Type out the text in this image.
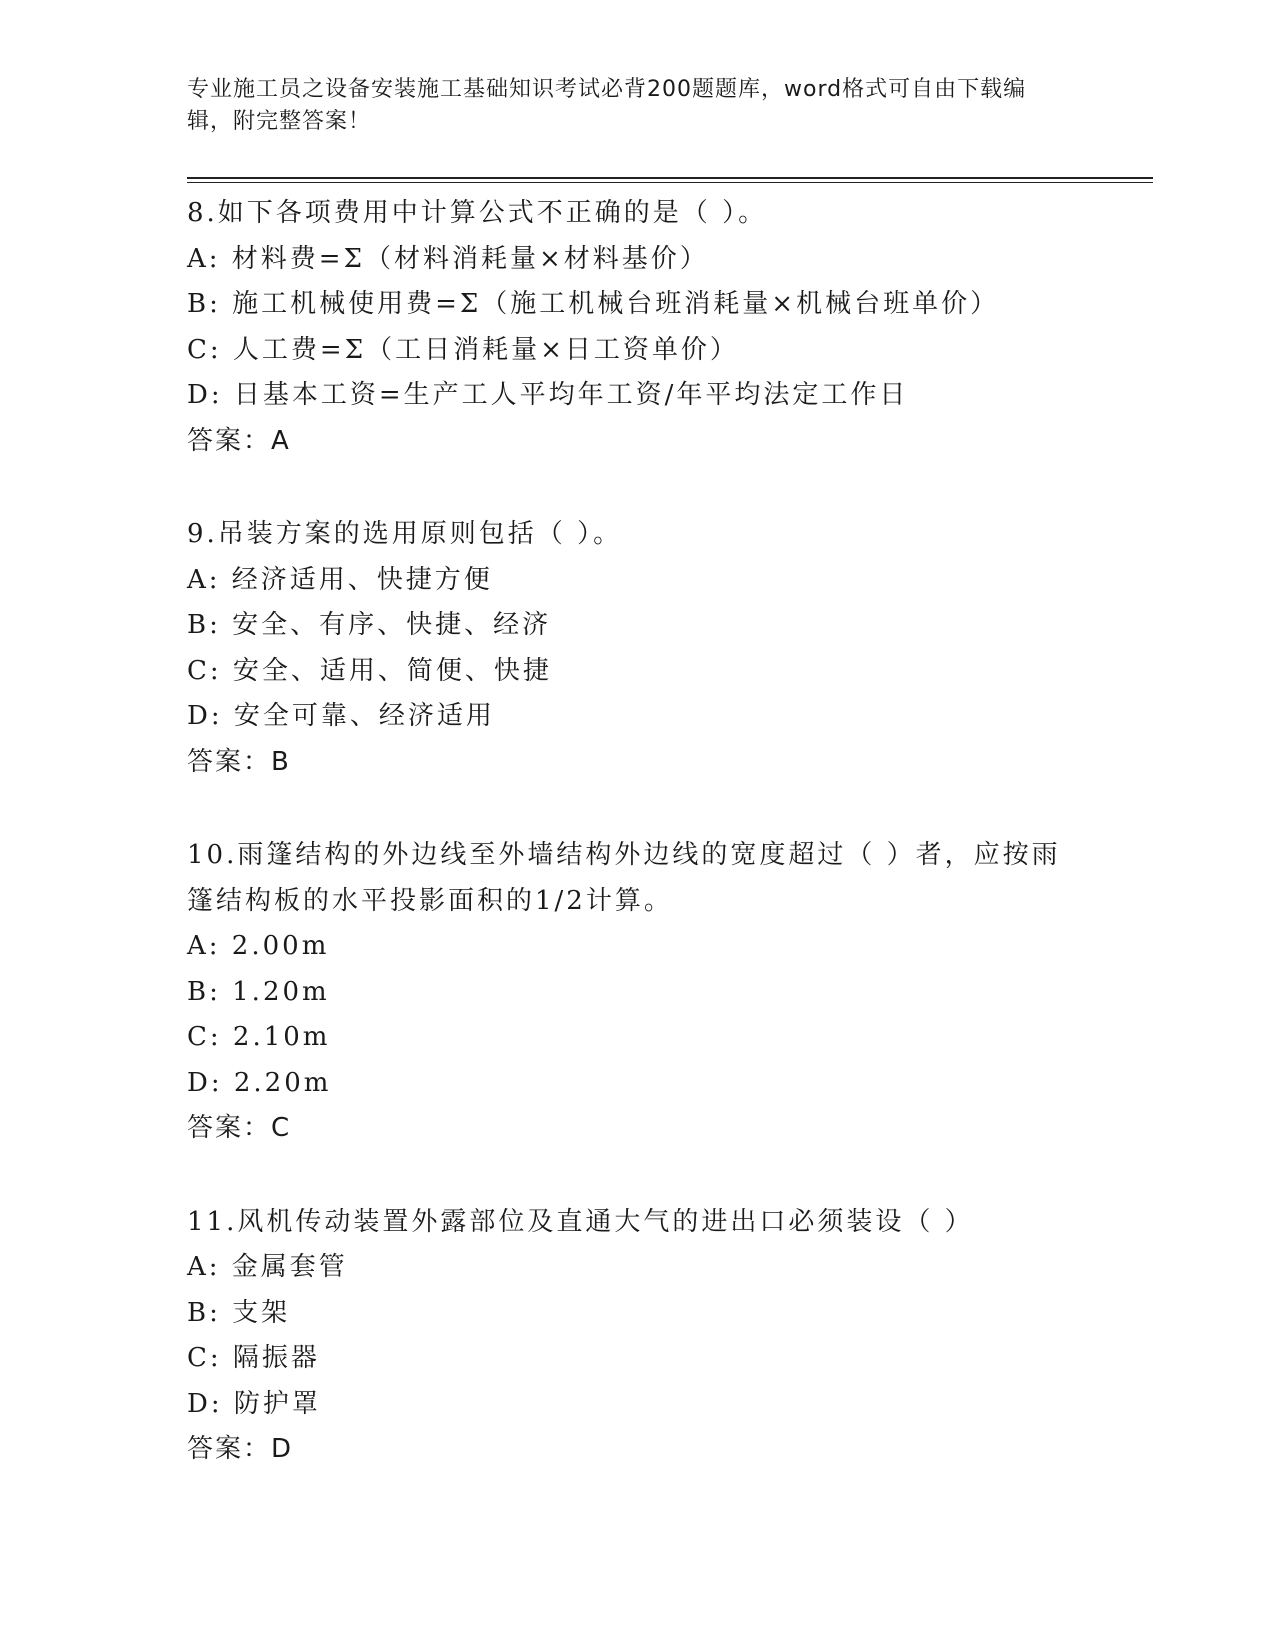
专业施工员之设备安装施工基础知识考试必背200题题库，word格式可自由下载编辑，附完整答案！
8.如下各项费用中计算公式不正确的是（ ）。
A: 材料费=Σ（材料消耗量×材料基价）
B: 施工机械使用费=Σ（施工机械台班消耗量×机械台班单价）
C: 人工费=Σ（工日消耗量×日工资单价）
D: 日基本工资=生产工人平均年工资/年平均法定工作日
答案：A
9.吊装方案的选用原则包括（ ）。
A: 经济适用、快捷方便
B: 安全、有序、快捷、经济
C: 安全、适用、简便、快捷
D: 安全可靠、经济适用
答案：B
10.雨篷结构的外边线至外墙结构外边线的宽度超过（ ）者，应按雨篷结构板的水平投影面积的1/2计算。
A: 2.00m
B: 1.20m
C: 2.10m
D: 2.20m
答案：C
11.风机传动装置外露部位及直通大气的进出口必须装设（ ）
A: 金属套管
B: 支架
C: 隔振器
D: 防护罩
答案：D
